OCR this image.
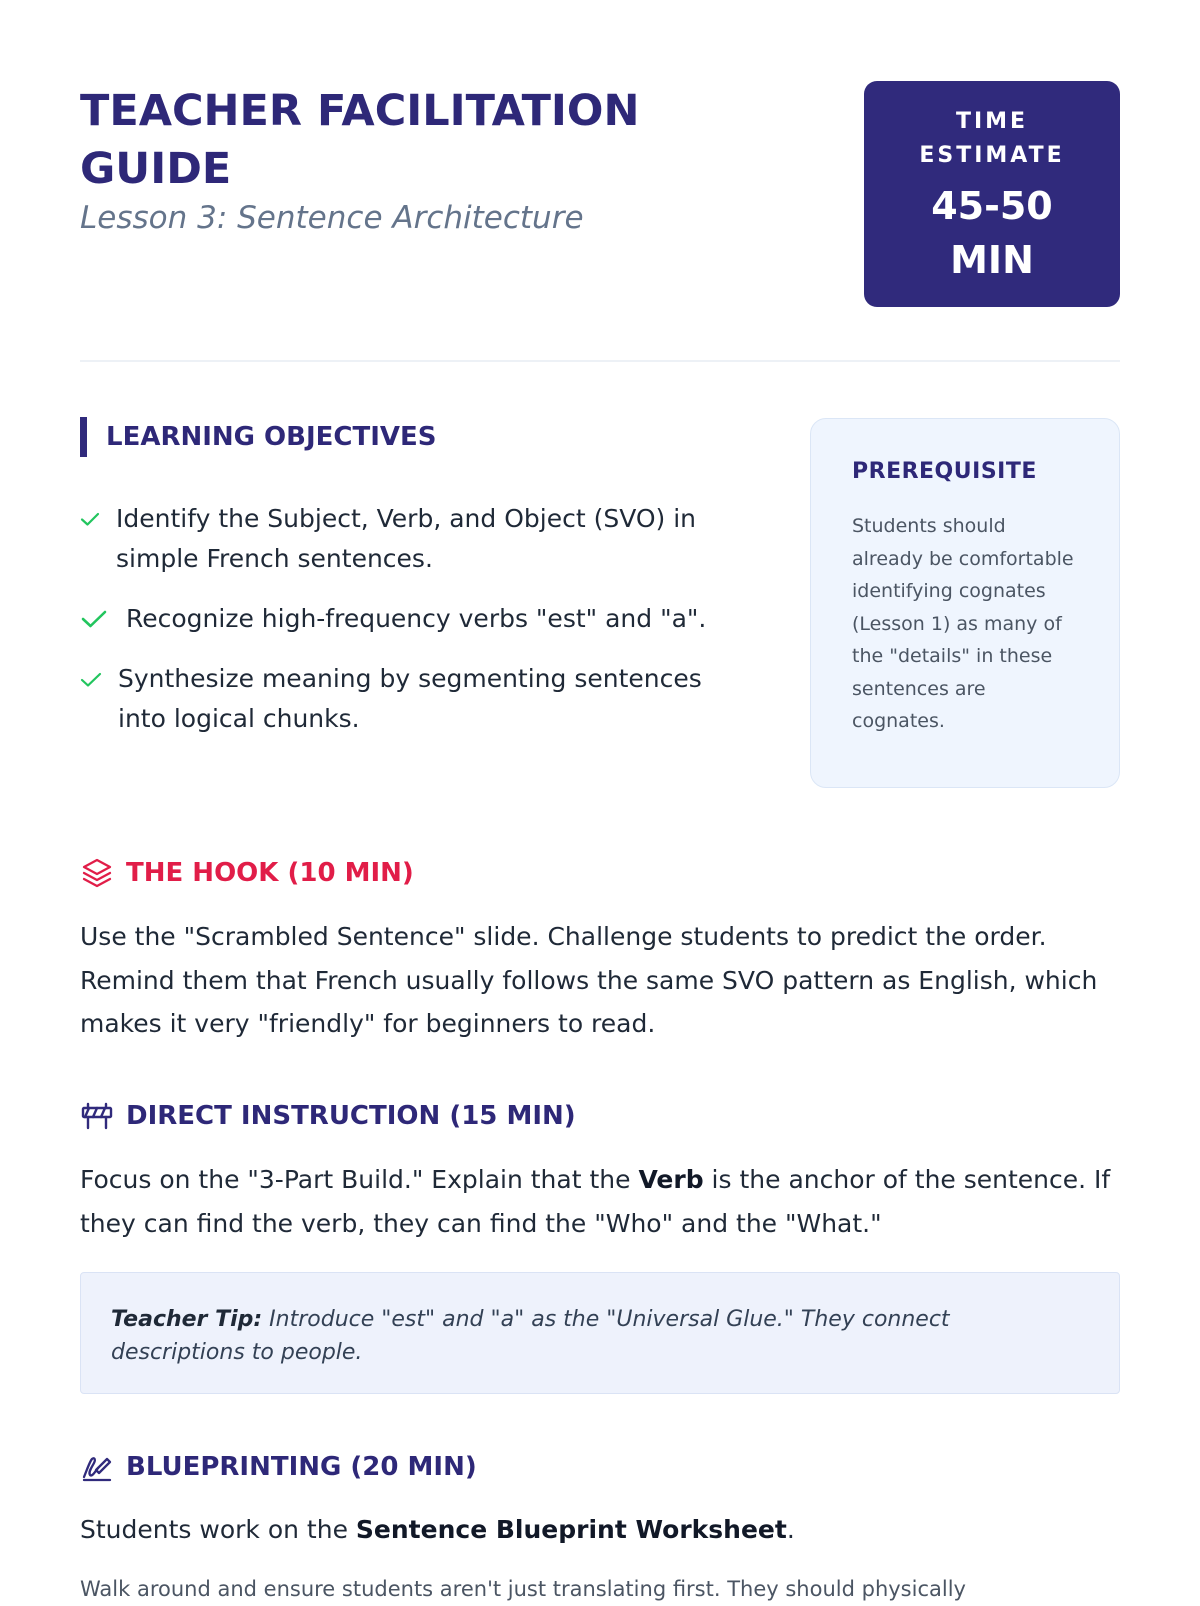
TEACHER FACILITATION GUIDE
Lesson 3: Sentence Architecture
TIME ESTIMATE
45-50 MIN
LEARNING OBJECTIVES
Identify the Subject, Verb, and Object (SVO) in simple French sentences.
Recognize high-frequency verbs "est" and "a".
Synthesize meaning by segmenting sentences into logical chunks.
PREREQUISITE
Students should already be comfortable identifying cognates (Lesson 1) as many of the "details" in these sentences are cognates.
THE HOOK (10 MIN)

Use the "Scrambled Sentence" slide. Challenge students to predict the order. Remind them that French usually follows the same SVO pattern as English, which makes it very "friendly" for beginners to read.

DIRECT INSTRUCTION (15 MIN)

Focus on the "3-Part Build." Explain that the Verb is the anchor of the sentence. If they can find the verb, they can find the "Who" and the "What."

Teacher Tip: Introduce "est" and "a" as the "Universal Glue." They connect descriptions to people.
BLUEPRINTING (20 MIN)

Students work on the Sentence Blueprint Worksheet.

Walk around and ensure students aren't just translating first. They should physically
